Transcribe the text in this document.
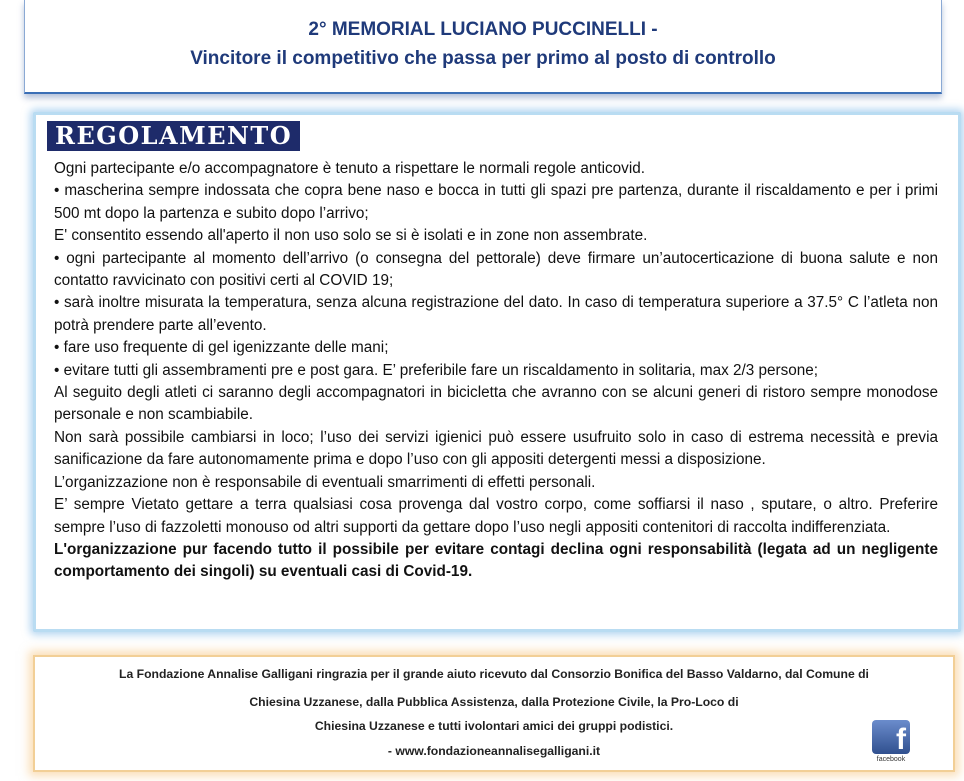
2° MEMORIAL LUCIANO PUCCINELLI -
Vincitore il competitivo che passa per primo al posto di controllo
REGOLAMENTO

Ogni partecipante e/o accompagnatore è tenuto a rispettare le normali regole anticovid.

• mascherina sempre indossata che copra bene naso e bocca in tutti gli spazi pre partenza, durante il riscaldamento e per i primi 500 mt dopo la partenza e subito dopo l’arrivo;

E' consentito essendo all'aperto il non uso solo se si è isolati e in zone non assembrate.

• ogni partecipante al momento dell’arrivo (o consegna del pettorale) deve firmare un’autocerticazione di buona salute e non contatto ravvicinato con positivi certi al COVID 19;

• sarà inoltre misurata la temperatura, senza alcuna registrazione del dato. In caso di temperatura superiore a 37.5° C l’atleta non potrà prendere parte all’evento.

• fare uso frequente di gel igenizzante delle mani;

• evitare tutti gli assembramenti pre e post gara. E’ preferibile fare un riscaldamento in solitaria, max 2/3 persone;

Al seguito degli atleti ci saranno degli accompagnatori in bicicletta che avranno con se alcuni generi di ristoro sempre monodose personale e non scambiabile.

Non sarà possibile cambiarsi in loco; l’uso dei servizi igienici può essere usufruito solo in caso di estrema necessità e previa sanificazione da fare autonomamente prima e dopo l’uso con gli appositi detergenti messi a disposizione.

L’organizzazione non è responsabile di eventuali smarrimenti di effetti personali.

E’ sempre Vietato gettare a terra qualsiasi cosa provenga dal vostro corpo, come soffiarsi il naso , sputare, o altro. Preferire sempre l’uso di fazzoletti monouso od altri supporti da gettare dopo l’uso negli appositi contenitori di raccolta indifferenziata.

L'organizzazione pur facendo tutto il possibile per evitare contagi declina ogni responsabilità (legata ad un negligente comportamento dei singoli) su eventuali casi di Covid-19.

La Fondazione Annalise Galligani ringrazia per il grande aiuto ricevuto dal Consorzio Bonifica del Basso Valdarno, dal Comune di
Chiesina Uzzanese, dalla Pubblica Assistenza, dalla Protezione Civile, la Pro-Loco di
Chiesina Uzzanese e tutti ivolontari amici dei gruppi podistici.
- www.fondazioneannalisegalligani.it	f
facebook
